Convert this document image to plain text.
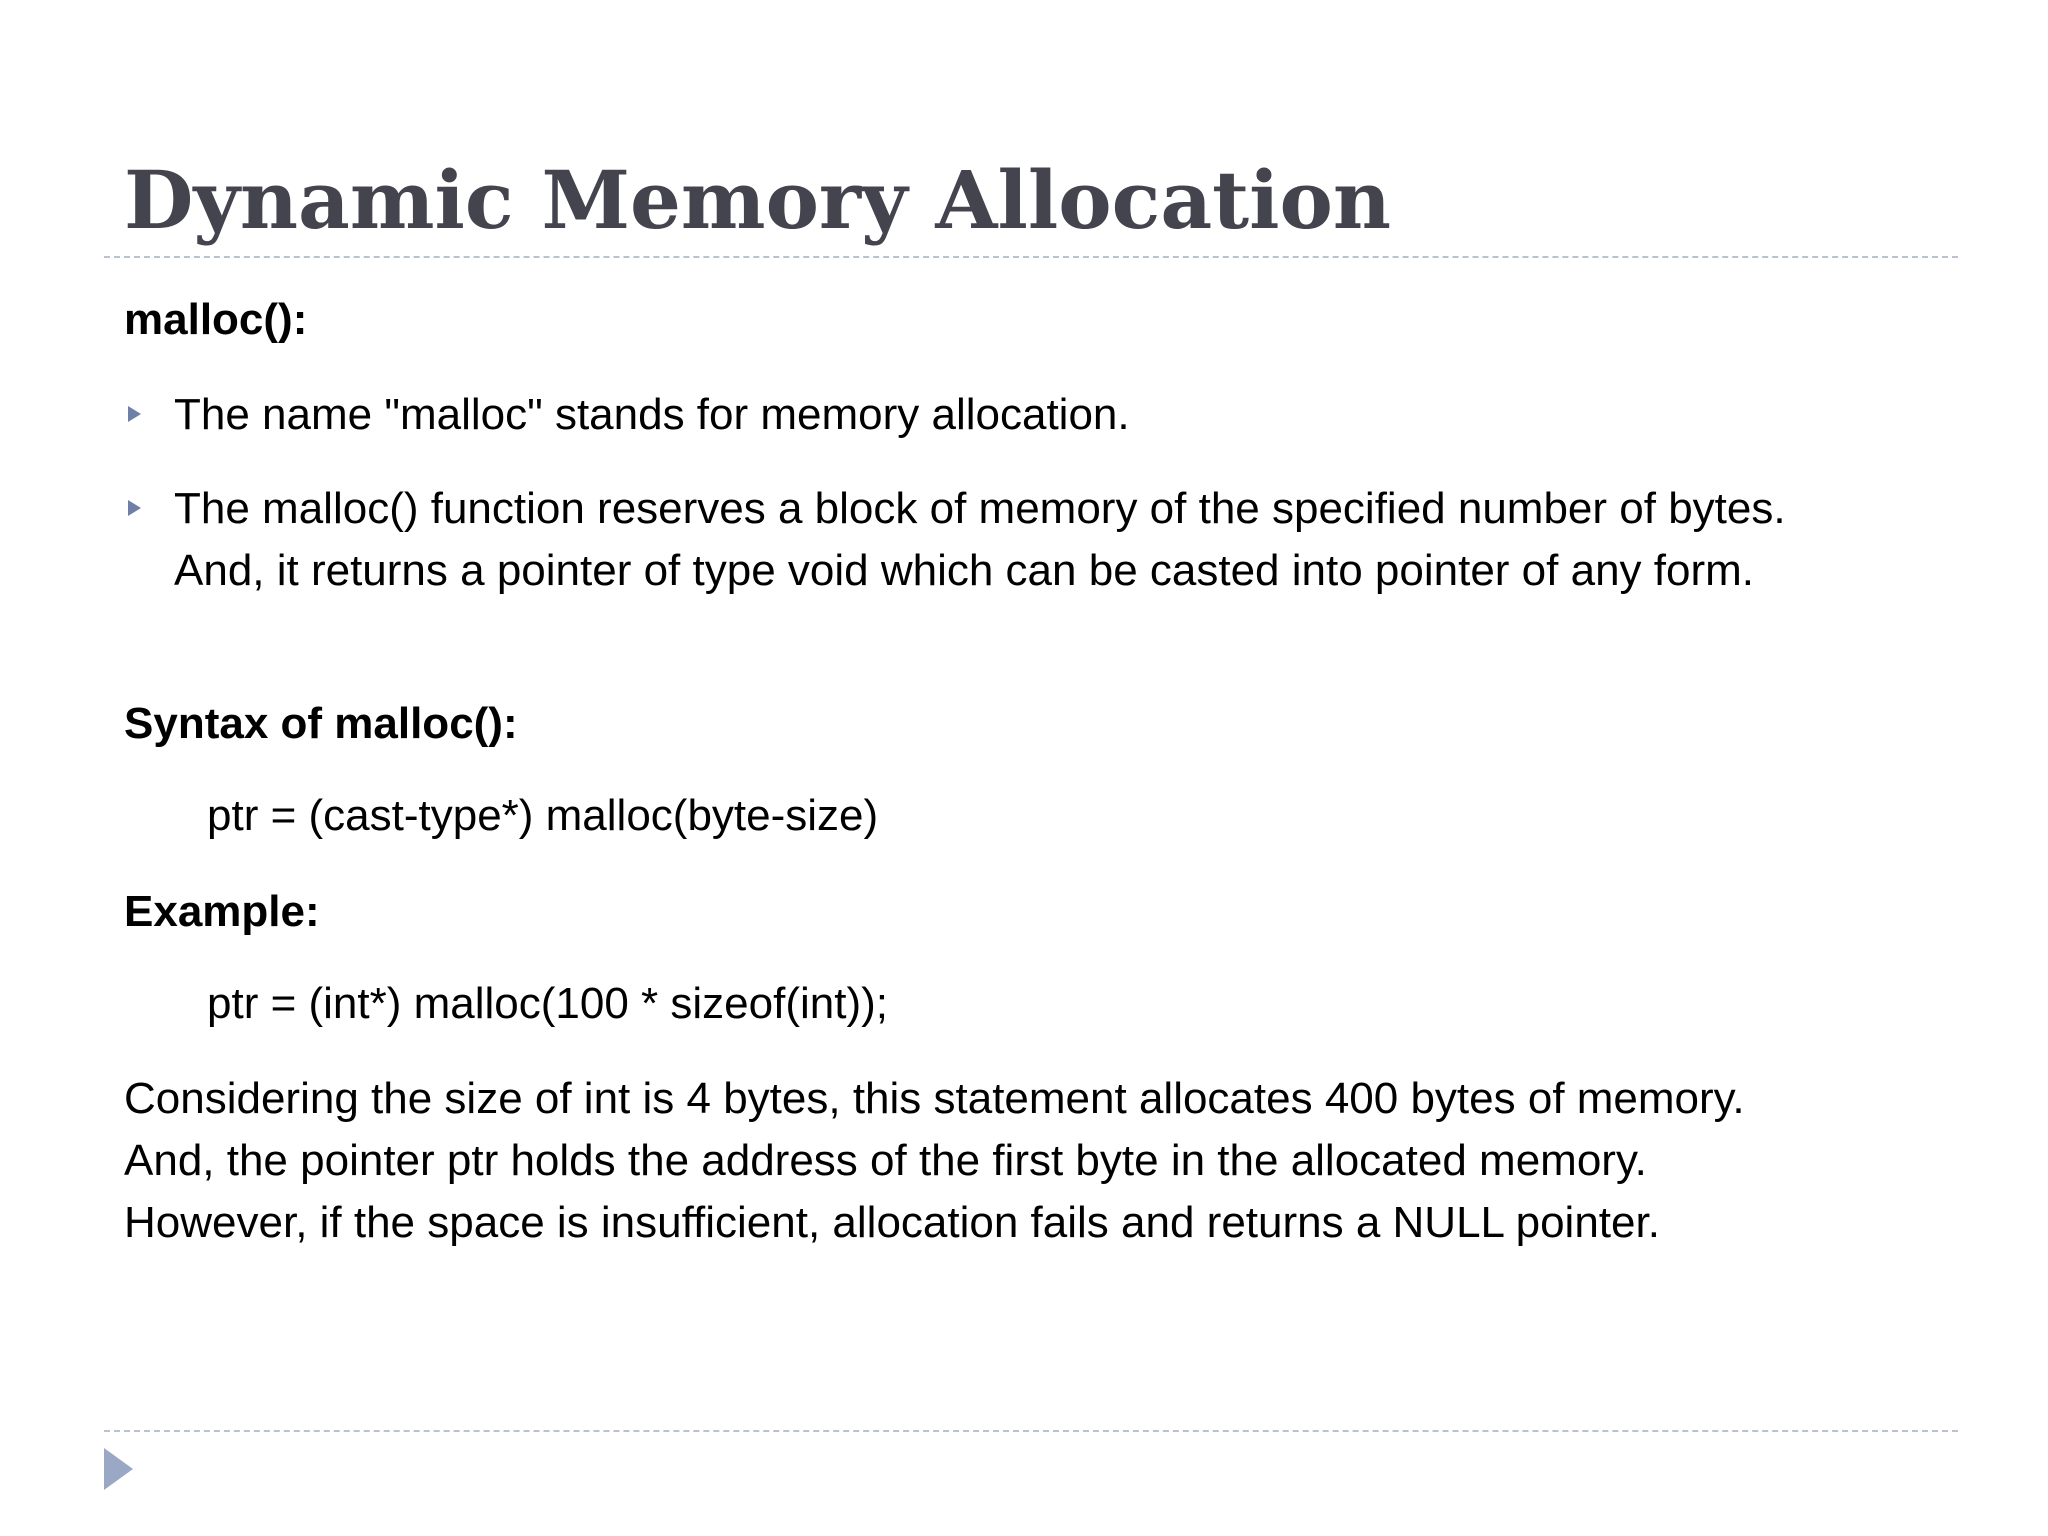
Dynamic Memory Allocation
malloc():
The name "malloc" stands for memory allocation.
The malloc() function reserves a block of memory of the specified number of bytes.
And, it returns a pointer of type void which can be casted into pointer of any form.
Syntax of malloc():
ptr = (cast-type*) malloc(byte-size)
Example:
ptr = (int*) malloc(100 * sizeof(int));
Considering the size of int is 4 bytes, this statement allocates 400 bytes of memory.
And, the pointer ptr holds the address of the first byte in the allocated memory.
However, if the space is insufficient, allocation fails and returns a NULL pointer.
